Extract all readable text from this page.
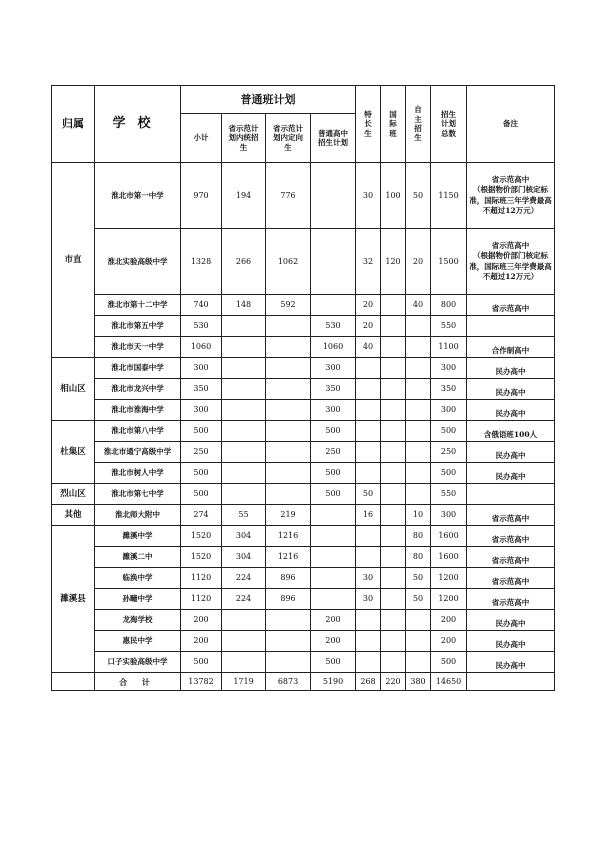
归属	学校	普通班计划				特长生	国际班	自主招生	招生计划总数	备注
		小计	省示范计划内统招生	省示范计划内定向生	普通高中招生计划					
市直	淮北市第一中学	970	194	776		30	100	50	1150	省示范高中
（根据物价部门核定标准，国际班三年学费最高不超过12万元）
	淮北实验高级中学	1328	266	1062		32	120	20	1500	省示范高中
（根据物价部门核定标准，国际班三年学费最高不超过12万元）
	淮北市第十二中学	740	148	592		20		40	800	省示范高中
	淮北市第五中学	530			530	20			550	
	淮北市天一中学	1060			1060	40			1100	合作制高中
相山区	淮北市国泰中学	300			300				300	民办高中
	淮北市龙兴中学	350			350				350	民办高中
	淮北市淮海中学	300			300				300	民办高中
杜集区	淮北市第八中学	500			500				500	含俄语班100人
	淮北市通宁高级中学	250			250				250	民办高中
	淮北市树人中学	500			500				500	民办高中
烈山区	淮北市第七中学	500			500	50			550	
其他	淮北师大附中	274	55	219		16		10	300	省示范高中
濉溪县	濉溪中学	1520	304	1216				80	1600	省示范高中
	濉溪二中	1520	304	1216				80	1600	省示范高中
	临涣中学	1120	224	896		30		50	1200	省示范高中
	孙疃中学	1120	224	896		30		50	1200	省示范高中
	龙海学校	200			200				200	民办高中
	惠民中学	200			200				200	民办高中
	口子实验高级中学	500			500				500	民办高中
	合 计	13782	1719	6873	5190	268	220	380	14650	
